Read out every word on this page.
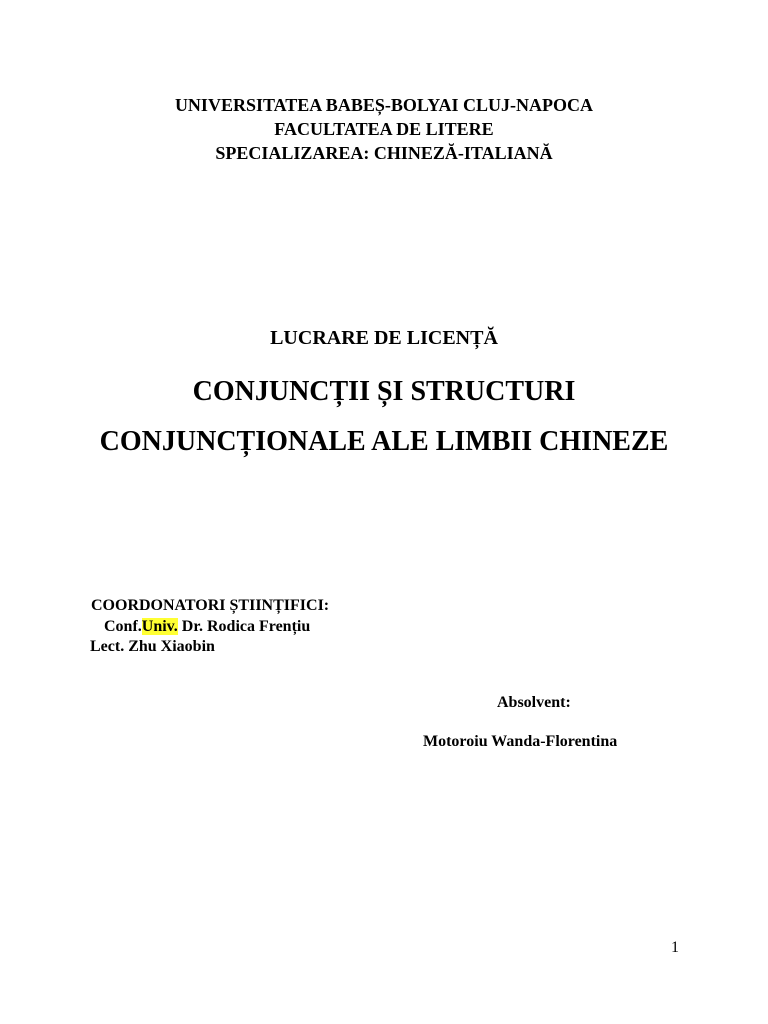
UNIVERSITATEA BABEȘ-BOLYAI CLUJ-NAPOCA
FACULTATEA DE LITERE
SPECIALIZAREA: CHINEZĂ-ITALIANĂ
LUCRARE DE LICENȚĂ
CONJUNCȚII ȘI STRUCTURI
CONJUNCȚIONALE ALE LIMBII CHINEZE
COORDONATORI ȘTIINȚIFICI:
Conf.Univ. Dr. Rodica Frențiu
Lect. Zhu Xiaobin
Absolvent:
Motoroiu Wanda-Florentina
1
